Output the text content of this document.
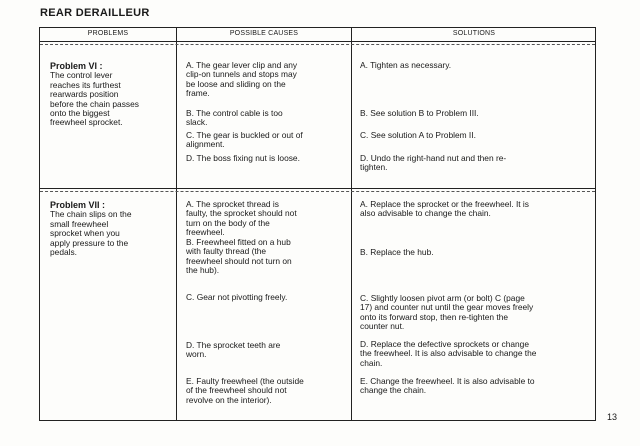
REAR DERAILLEUR
PROBLEMS	POSSIBLE CAUSES	SOLUTIONS
Problem VI :
The control lever
reaches its furthest
rearwards position
before the chain passes
onto the biggest
freewheel sprocket.
A. The gear lever clip and any
clip-on tunnels and stops may
be loose and sliding on the
frame.
B. The control cable is too
slack.
C. The gear is buckled or out of
alignment.
D. The boss fixing nut is loose.
A. Tighten as necessary.
B. See solution B to Problem III.
C. See solution A to Problem II.
D. Undo the right-hand nut and then re-
tighten.
Problem VII :
The chain slips on the
small freewheel
sprocket when you
apply pressure to the
pedals.
A. The sprocket thread is
faulty, the sprocket should not
turn on the body of the
freewheel.
B. Freewheel fitted on a hub
with faulty thread (the
freewheel should not turn on
the hub).
C. Gear not pivotting freely.
D. The sprocket teeth are
worn.
E. Faulty freewheel (the outside
of the freewheel should not
revolve on the interior).
A. Replace the sprocket or the freewheel. It is
also advisable to change the chain.
B. Replace the hub.
C. Slightly loosen pivot arm (or bolt) C (page
17) and counter nut until the gear moves freely
onto its forward stop, then re-tighten the
counter nut.
D. Replace the defective sprockets or change
the freewheel. It is also advisable to change the
chain.
E. Change the freewheel. It is also advisable to
change the chain.
13
